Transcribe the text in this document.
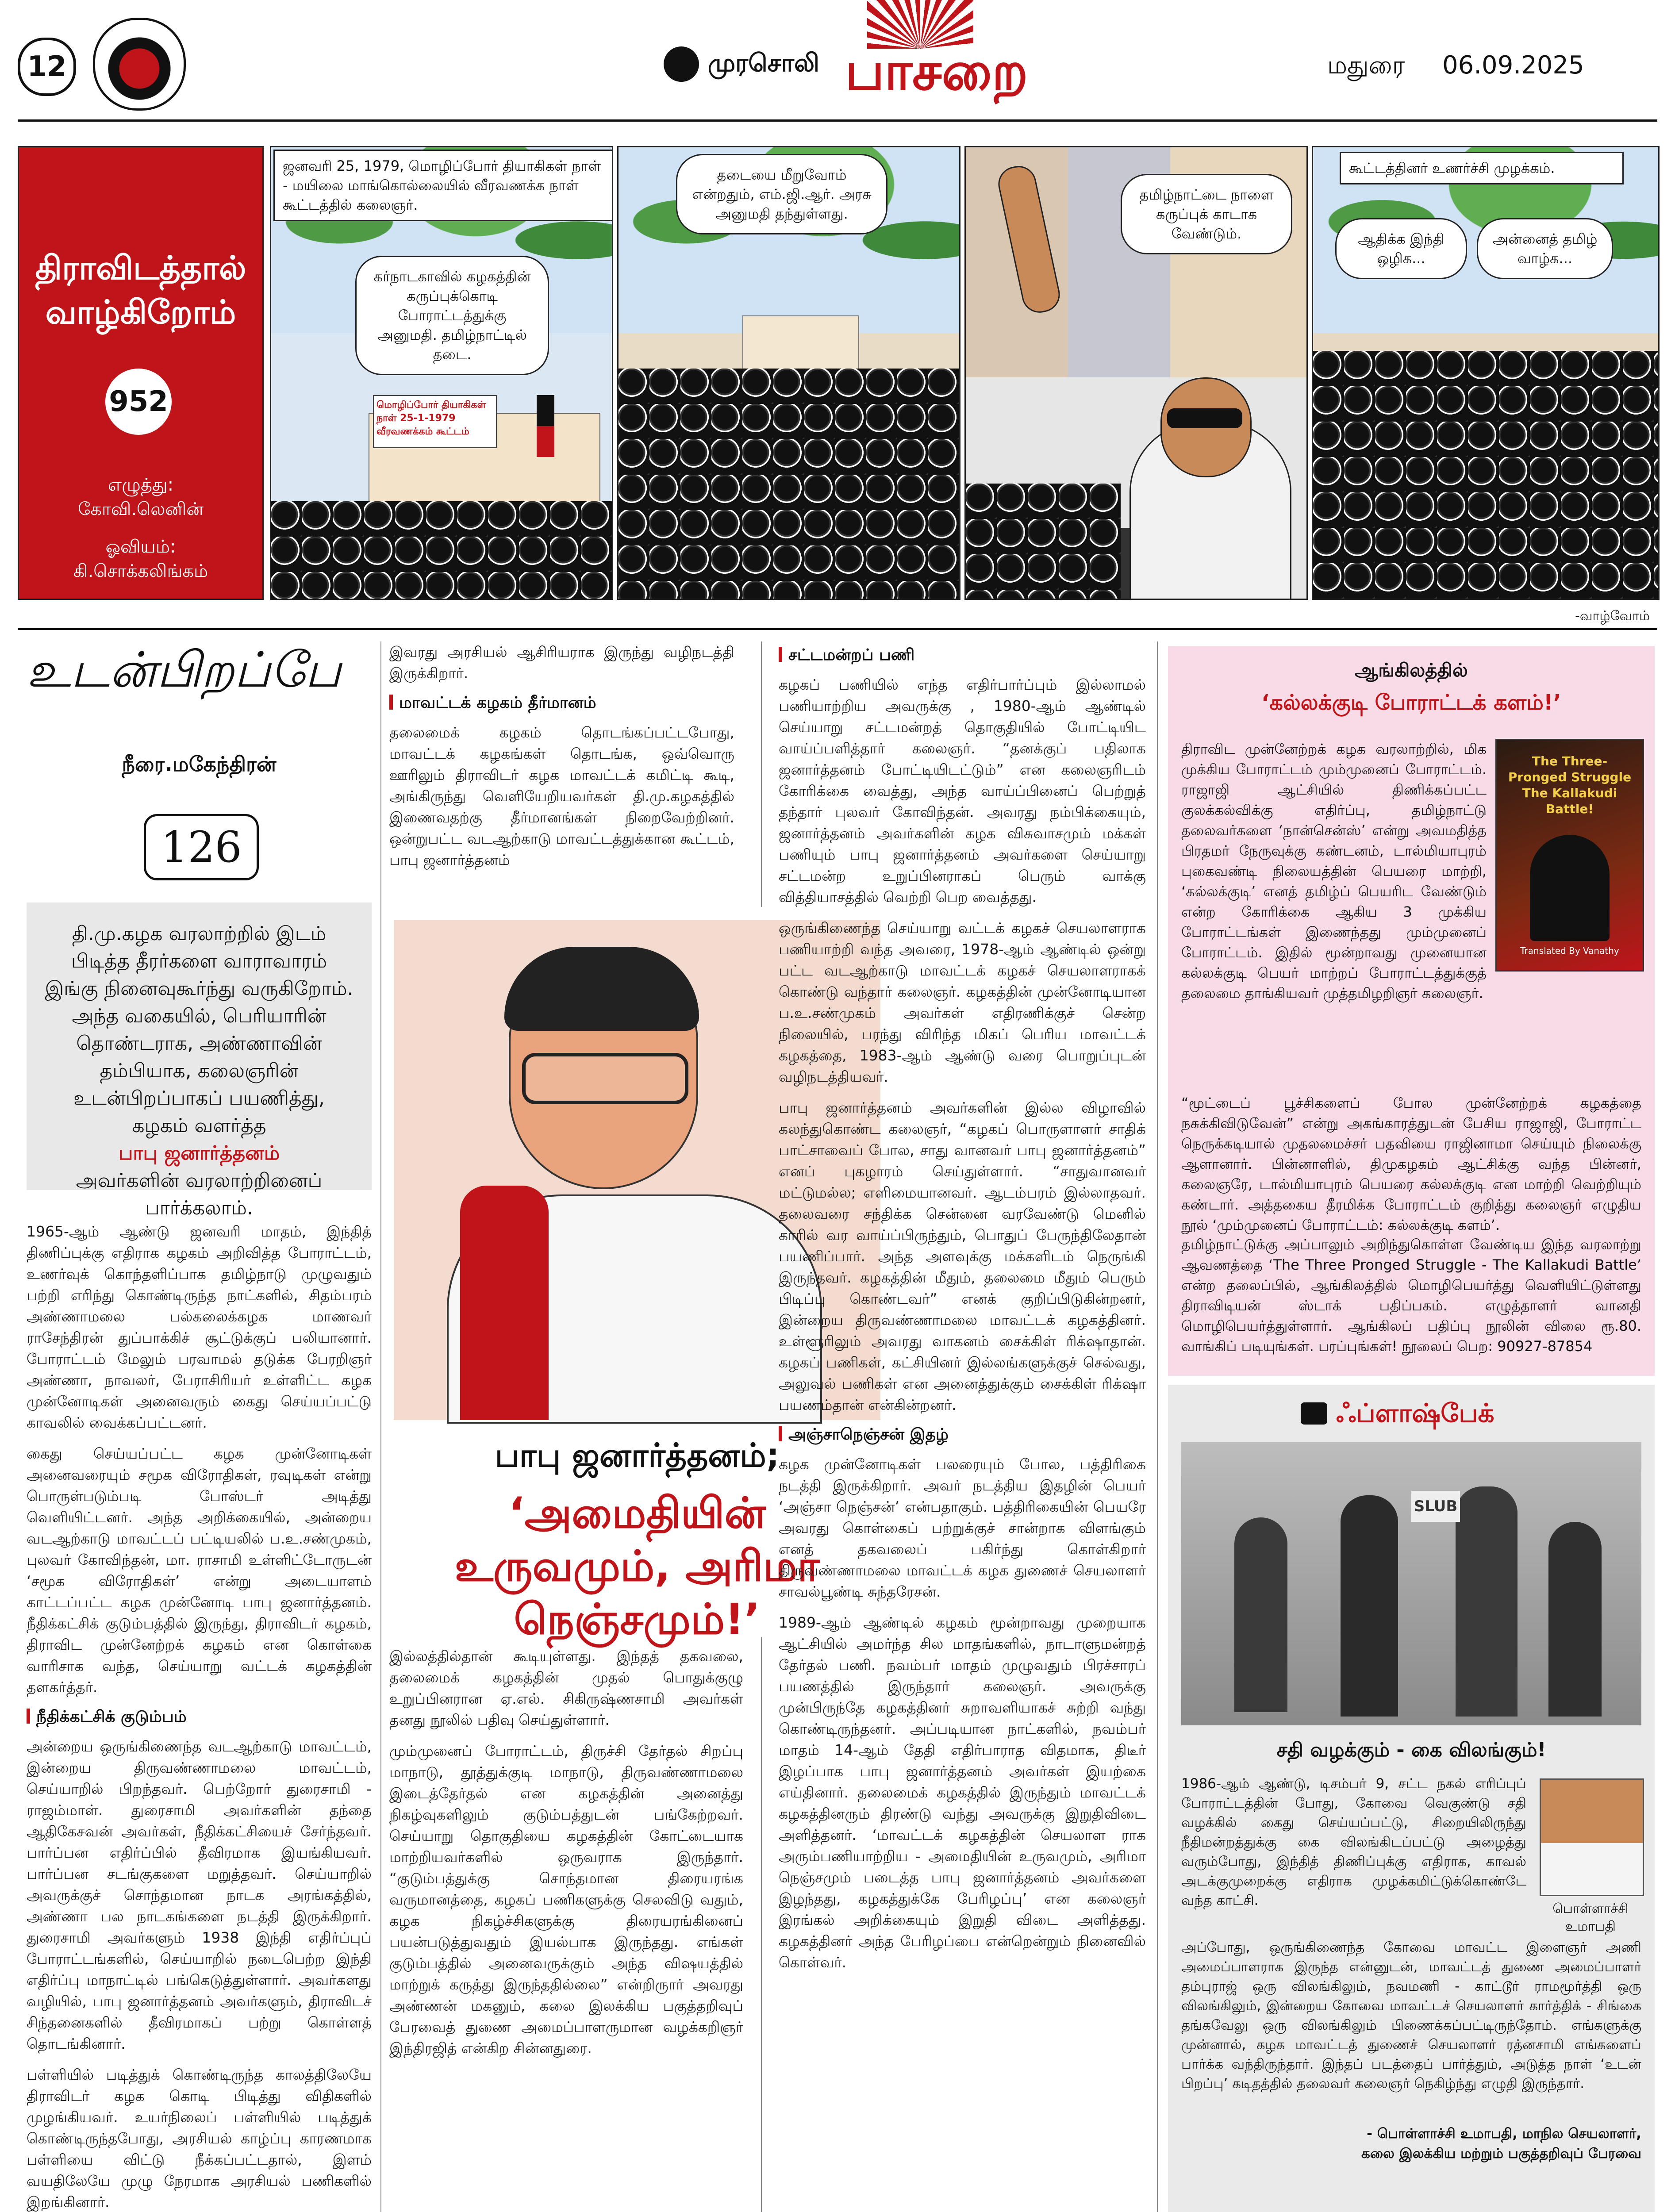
12	முரசொலி பாசறை	மதுரை 06.09.2025
திராவிடத்தால்
வாழ்கிறோம்
952
எழுத்து:
கோவி.லெனின்
ஓவியம்:
கி.சொக்கலிங்கம்
மொழிப்போர் தியாகிகள் நாள் 25-1-1979 வீரவணக்கம் கூட்டம்
ஜனவரி 25, 1979, மொழிப்போர் தியாகிகள் நாள் - மயிலை மாங்கொல்லையில் வீரவணக்க நாள் கூட்டத்தில் கலைஞர்.
கர்நாடகாவில் கழகத்தின் கருப்புக்கொடி போராட்டத்துக்கு அனுமதி. தமிழ்நாட்டில் தடை.
தடையை மீறுவோம் என்றதும், எம்.ஜி.ஆர். அரசு அனுமதி தந்துள்ளது.
தமிழ்நாட்டை நாளை கருப்புக் காடாக வேண்டும்.
கூட்டத்தினர் உணர்ச்சி முழக்கம்.
ஆதிக்க இந்தி ஒழிக...
அன்னைத் தமிழ் வாழ்க...
-வாழ்வோம்
உடன்பிறப்பே
நீரை.மகேந்திரன்
126
தி.மு.கழக வரலாற்றில் இடம் பிடித்த தீரர்களை வாராவாரம் இங்கு நினைவுகூர்ந்து வருகிறோம். அந்த வகையில், பெரியாரின் தொண்டராக, அண்ணாவின் தம்பியாக, கலைஞரின் உடன்பிறப்பாகப் பயணித்து, கழகம் வளர்த்த
பாபு ஜனார்த்தனம்
அவர்களின் வரலாற்றினைப் பார்க்கலாம்.

1965-ஆம் ஆண்டு ஜனவரி மாதம், இந்தித் திணிப்புக்கு எதிராக கழகம் அறிவித்த போராட்டம், உணர்வுக் கொந்தளிப்பாக தமிழ்நாடு முழுவதும் பற்றி எரிந்து கொண்டிருந்த நாட்களில், சிதம்பரம் அண்ணாமலை பல்கலைக்கழக மாணவர் ராசேந்திரன் துப்பாக்கிச் சூட்டுக்குப் பலியானார். போராட்டம் மேலும் பரவாமல் தடுக்க பேரறிஞர் அண்ணா, நாவலர், பேராசிரியர் உள்ளிட்ட கழக முன்னோடிகள் அனைவரும் கைது செய்யப்பட்டு காவலில் வைக்கப்பட்டனர்.

கைது செய்யப்பட்ட கழக முன்னோடிகள் அனைவரையும் சமூக விரோதிகள், ரவுடிகள் என்று பொருள்படும்படி போஸ்டர் அடித்து வெளியிட்டனர். அந்த அறிக்கையில், அன்றைய வடஆற்காடு மாவட்டப் பட்டியலில் ப.உ.சண்முகம், புலவர் கோவிந்தன், மா. ராசாமி உள்ளிட்டோருடன் ‘சமூக விரோதிகள்’ என்று அடையாளம் காட்டப்பட்ட கழக முன்னோடி பாபு ஜனார்த்தனம். நீதிக்கட்சிக் குடும்பத்தில் இருந்து, திராவிடர் கழகம், திராவிட முன்னேற்றக் கழகம் என கொள்கை வாரிசாக வந்த, செய்யாறு வட்டக் கழகத்தின் தளகர்த்தர்.

நீதிக்கட்சிக் குடும்பம்

அன்றைய ஒருங்கிணைந்த வடஆற்காடு மாவட்டம், இன்றைய திருவண்ணாமலை மாவட்டம், செய்யாறில் பிறந்தவர். பெற்றோர் துரைசாமி - ராஜம்மாள். துரைசாமி அவர்களின் தந்தை ஆதிகேசவன் அவர்கள், நீதிக்கட்சியைச் சேர்ந்தவர். பார்ப்பன எதிர்ப்பில் தீவிரமாக இயங்கியவர். பார்ப்பன சடங்குகளை மறுத்தவர். செய்யாறில் அவருக்குச் சொந்தமான நாடக அரங்கத்தில், அண்ணா பல நாடகங்களை நடத்தி இருக்கிறார். துரைசாமி அவர்களும் 1938 இந்தி எதிர்ப்புப் போராட்டங்களில், செய்யாறில் நடைபெற்ற இந்தி எதிர்ப்பு மாநாட்டில் பங்கெடுத்துள்ளார். அவர்களது வழியில், பாபு ஜனார்த்தனம் அவர்களும், திராவிடச் சிந்தனைகளில் தீவிரமாகப் பற்று கொள்ளத் தொடங்கினார்.

பள்ளியில் படித்துக் கொண்டிருந்த காலத்திலேயே திராவிடர் கழக கொடி பிடித்து விதிகளில் முழங்கியவர். உயர்நிலைப் பள்ளியில் படித்துக் கொண்டிருந்தபோது, அரசியல் காழ்ப்பு காரணமாக பள்ளியை விட்டு நீக்கப்பட்டதால், இளம் வயதிலேயே முழு நேரமாக அரசியல் பணிகளில் இறங்கினார்.

இவரது அரசியல் ஆசிரியராக இருந்து வழிநடத்தி இருக்கிறார்.

மாவட்டக் கழகம் தீர்மானம்

தலைமைக் கழகம் தொடங்கப்பட்டபோது, மாவட்டக் கழகங்கள் தொடங்க, ஒவ்வொரு ஊரிலும் திராவிடர் கழக மாவட்டக் கமிட்டி கூடி, அங்கிருந்து வெளியேறியவர்கள் தி.மு.கழகத்தில் இணைவதற்கு தீர்மானங்கள் நிறைவேற்றினர். ஒன்றுபட்ட வடஆற்காடு மாவட்டத்துக்கான கூட்டம், பாபு ஜனார்த்தனம்

பாபு ஜனார்த்தனம்;
‘அமைதியின் உருவமும், அரிமா நெஞ்சமும்!’

இல்லத்தில்தான் கூடியுள்ளது. இந்தத் தகவலை, தலைமைக் கழகத்தின் முதல் பொதுக்குழு உறுப்பினரான ஏ.எல். சிகிருஷ்ணசாமி அவர்கள் தனது நூலில் பதிவு செய்துள்ளார்.

மும்முனைப் போராட்டம், திருச்சி தேர்தல் சிறப்பு மாநாடு, தூத்துக்குடி மாநாடு, திருவண்ணாமலை இடைத்தேர்தல் என கழகத்தின் அனைத்து நிகழ்வுகளிலும் குடும்பத்துடன் பங்கேற்றவர். செய்யாறு தொகுதியை கழகத்தின் கோட்டையாக மாற்றியவர்களில் ஒருவராக இருந்தார். “குடும்பத்துக்கு சொந்தமான திரையரங்க வருமானத்தை, கழகப் பணிகளுக்கு செலவிடு வதும், கழக நிகழ்ச்சிகளுக்கு திரையரங்கினைப் பயன்படுத்துவதும் இயல்பாக இருந்தது. எங்கள் குடும்பத்தில் அனைவருக்கும் அந்த விஷயத்தில் மாற்றுக் கருத்து இருந்ததில்லை” என்றிருார் அவரது அண்ணன் மகனும், கலை இலக்கிய பகுத்தறிவுப் பேரவைத் துணை அமைப்பாளருமான வழக்கறிஞர் இந்திரஜித் என்கிற சின்னதுரை.

சட்டமன்றப் பணி

கழகப் பணியில் எந்த எதிர்பார்ப்பும் இல்லாமல் பணியாற்றிய அவருக்கு , 1980-ஆம் ஆண்டில் செய்யாறு சட்டமன்றத் தொகுதியில் போட்டியிட வாய்ப்பளித்தார் கலைஞர். “தனக்குப் பதிலாக ஜனார்த்தனம் போட்டியிடட்டும்” என கலைஞரிடம் கோரிக்கை வைத்து, அந்த வாய்ப்பினைப் பெற்றுத் தந்தார் புலவர் கோவிந்தன். அவரது நம்பிக்கையும், ஜனார்த்தனம் அவர்களின் கழக விசுவாசமும் மக்கள் பணியும் பாபு ஜனார்த்தனம் அவர்களை செய்யாறு சட்டமன்ற உறுப்பினராகப் பெரும் வாக்கு வித்தியாசத்தில் வெற்றி பெற வைத்தது.

ஒருங்கிணைந்த செய்யாறு வட்டக் கழகச் செயலாளராக பணியாற்றி வந்த அவரை, 1978-ஆம் ஆண்டில் ஒன்று பட்ட வடஆற்காடு மாவட்டக் கழகச் செயலாளராகக் கொண்டு வந்தார் கலைஞர். கழகத்தின் முன்னோடியான ப.உ.சண்முகம் அவர்கள் எதிரணிக்குச் சென்ற நிலையில், பரந்து விரிந்த மிகப் பெரிய மாவட்டக் கழகத்தை, 1983-ஆம் ஆண்டு வரை பொறுப்புடன் வழிநடத்தியவர்.

பாபு ஜனார்த்தனம் அவர்களின் இல்ல விழாவில் கலந்துகொண்ட கலைஞர், “கழகப் பொருளாளர் சாதிக் பாட்சாவைப் போல, சாது வானவர் பாபு ஜனார்த்தனம்” எனப் புகழாரம் செய்துள்ளார். “சாதுவானவர் மட்டுமல்ல; எளிமையானவர். ஆடம்பரம் இல்லாதவர். தலைவரை சந்திக்க சென்னை வரவேண்டு மெனில் காரில் வர வாய்ப்பிருந்தும், பொதுப் பேருந்திலேதான் பயணிப்பார். அந்த அளவுக்கு மக்களிடம் நெருங்கி இருந்தவர். கழகத்தின் மீதும், தலைமை மீதும் பெரும் பிடிப்பு கொண்டவர்” எனக் குறிப்பிடுகின்றனர், இன்றைய திருவண்ணாமலை மாவட்டக் கழகத்தினர். உள்ளூரிலும் அவரது வாகனம் சைக்கிள் ரிக்‌ஷாதான். கழகப் பணிகள், கட்சியினர் இல்லங்களுக்குச் செல்வது, அலுவல் பணிகள் என அனைத்துக்கும் சைக்கிள் ரிக்‌ஷா பயணம்தான் என்கின்றனர்.

அஞ்சாநெஞ்சன் இதழ்

கழக முன்னோடிகள் பலரையும் போல, பத்திரிகை நடத்தி இருக்கிறார். அவர் நடத்திய இதழின் பெயர் ‘அஞ்சா நெஞ்சன்’ என்பதாகும். பத்திரிகையின் பெயரே அவரது கொள்கைப் பற்றுக்குச் சான்றாக விளங்கும் எனத் தகவலைப் பகிர்ந்து கொள்கிறார் திருவண்ணாமலை மாவட்டக் கழக துணைச் செயலாளர் சாவல்பூண்டி சுந்தரேசன்.

1989-ஆம் ஆண்டில் கழகம் மூன்றாவது முறையாக ஆட்சியில் அமர்ந்த சில மாதங்களில், நாடாளுமன்றத் தேர்தல் பணி. நவம்பர் மாதம் முழுவதும் பிரச்சாரப் பயணத்தில் இருந்தார் கலைஞர். அவருக்கு முன்பிருந்தே கழகத்தினர் சுறாவளியாகச் சுற்றி வந்து கொண்டிருந்தனர். அப்படியான நாட்களில், நவம்பர் மாதம் 14-ஆம் தேதி எதிர்பாராத விதமாக, திடீர் இழப்பாக பாபு ஜனார்த்தனம் அவர்கள் இயற்கை எய்தினார். தலைமைக் கழகத்தில் இருந்தும் மாவட்டக் கழகத்தினரும் திரண்டு வந்து அவருக்கு இறுதிவிடை அளித்தனர். ‘மாவட்டக் கழகத்தின் செயலாள ராக அரும்பணியாற்றிய - அமைதியின் உருவமும், அரிமா நெஞ்சமும் படைத்த பாபு ஜனார்த்தனம் அவர்களை இழந்தது, கழகத்துக்கே பேரிழப்பு’ என கலைஞர் இரங்கல் அறிக்கையும் இறுதி விடை அளித்தது. கழகத்தினர் அந்த பேரிழப்பை என்றென்றும் நினைவில் கொள்வர்.

ஆங்கிலத்தில்
‘கல்லக்குடி போராட்டக் களம்!’
The Three-Pronged Struggle The Kallakudi Battle!
Translated By Vanathy
திராவிட முன்னேற்றக் கழக வரலாற்றில், மிக முக்கிய போராட்டம் மும்முனைப் போராட்டம். ராஜாஜி ஆட்சியில் திணிக்கப்பட்ட குலக்கல்விக்கு எதிர்ப்பு, தமிழ்நாட்டு தலைவர்களை ‘நான்சென்ஸ்’ என்று அவமதித்த பிரதமர் நேருவுக்கு கண்டனம், டால்மியாபுரம் புகைவண்டி நிலையத்தின் பெயரை மாற்றி, ‘கல்லக்குடி’ எனத் தமிழ்ப் பெயரிட வேண்டும் என்ற கோரிக்கை ஆகிய 3 முக்கிய போராட்டங்கள் இணைந்தது மும்முனைப் போராட்டம். இதில் மூன்றாவது முனையான கல்லக்குடி பெயர் மாற்றப் போராட்டத்துக்குத் தலைமை தாங்கியவர் முத்தமிழறிஞர் கலைஞர்.
“மூட்டைப் பூச்சிகளைப் போல முன்னேற்றக் கழகத்தை நசுக்கிவிடுவேன்” என்று அகங்காரத்துடன் பேசிய ராஜாஜி, போராட்ட நெருக்கடியால் முதலமைச்சர் பதவியை ராஜினாமா செய்யும் நிலைக்கு ஆளானார். பின்னாளில், திமுகழகம் ஆட்சிக்கு வந்த பின்னர், கலைஞரே, டால்மியாபுரம் பெயரை கல்லக்குடி என மாற்றி வெற்றியும் கண்டார். அத்தகைய தீரமிக்க போராட்டம் குறித்து கலைஞர் எழுதிய நூல் ‘மும்முனைப் போராட்டம்: கல்லக்குடி களம்’.
தமிழ்நாட்டுக்கு அப்பாலும் அறிந்துகொள்ள வேண்டிய இந்த வரலாற்று ஆவணத்தை ‘The Three Pronged Struggle - The Kallakudi Battle’ என்ற தலைப்பில், ஆங்கிலத்தில் மொழிபெயர்த்து வெளியிட்டுள்ளது திராவிடியன் ஸ்டாக் பதிப்பகம். எழுத்தாளர் வானதி மொழிபெயர்த்துள்ளார். ஆங்கிலப் பதிப்பு நூலின் விலை ரூ.80. வாங்கிப் படியுங்கள். பரப்புங்கள்! நூலைப் பெற: 90927-87854
ஃப்ளாஷ்பேக்
SLUB
சதி வழக்கும் - கை விலங்கும்!
1986-ஆம் ஆண்டு, டிசம்பர் 9, சட்ட நகல் எரிப்புப் போராட்டத்தின் போது, கோவை வெகுண்டு சதி வழக்கில் கைது செய்யப்பட்டு, சிறையிலிருந்து நீதிமன்றத்துக்கு கை விலங்கிடப்பட்டு அழைத்து வரும்போது, இந்தித் திணிப்புக்கு எதிராக, காவல் அடக்குமுறைக்கு எதிராக முழக்கமிட்டுக்கொண்டே வந்த காட்சி.
பொள்ளாச்சி உமாபதி
அப்போது, ஒருங்கிணைந்த கோவை மாவட்ட இளைஞர் அணி அமைப்பாளராக இருந்த என்னுடன், மாவட்டத் துணை அமைப்பாளர் தம்புராஜ் ஒரு விலங்கிலும், நவமணி - காட்டூர் ராமமூர்த்தி ஒரு விலங்கிலும், இன்றைய கோவை மாவட்டச் செயலாளர் கார்த்திக் - சிங்கை தங்கவேலு ஒரு விலங்கிலும் பிணைக்கப்பட்டிருந்தோம். எங்களுக்கு முன்னால், கழக மாவட்டத் துணைச் செயலாளர் ரத்னசாமி எங்களைப் பார்க்க வந்திருந்தார். இந்தப் படத்தைப் பார்த்தும், அடுத்த நாள் ‘உடன் பிறப்பு’ கடிதத்தில் தலைவர் கலைஞர் நெகிழ்ந்து எழுதி இருந்தார்.
- பொள்ளாச்சி உமாபதி, மாநில செயலாளர்,
கலை இலக்கிய மற்றும் பகுத்தறிவுப் பேரவை
